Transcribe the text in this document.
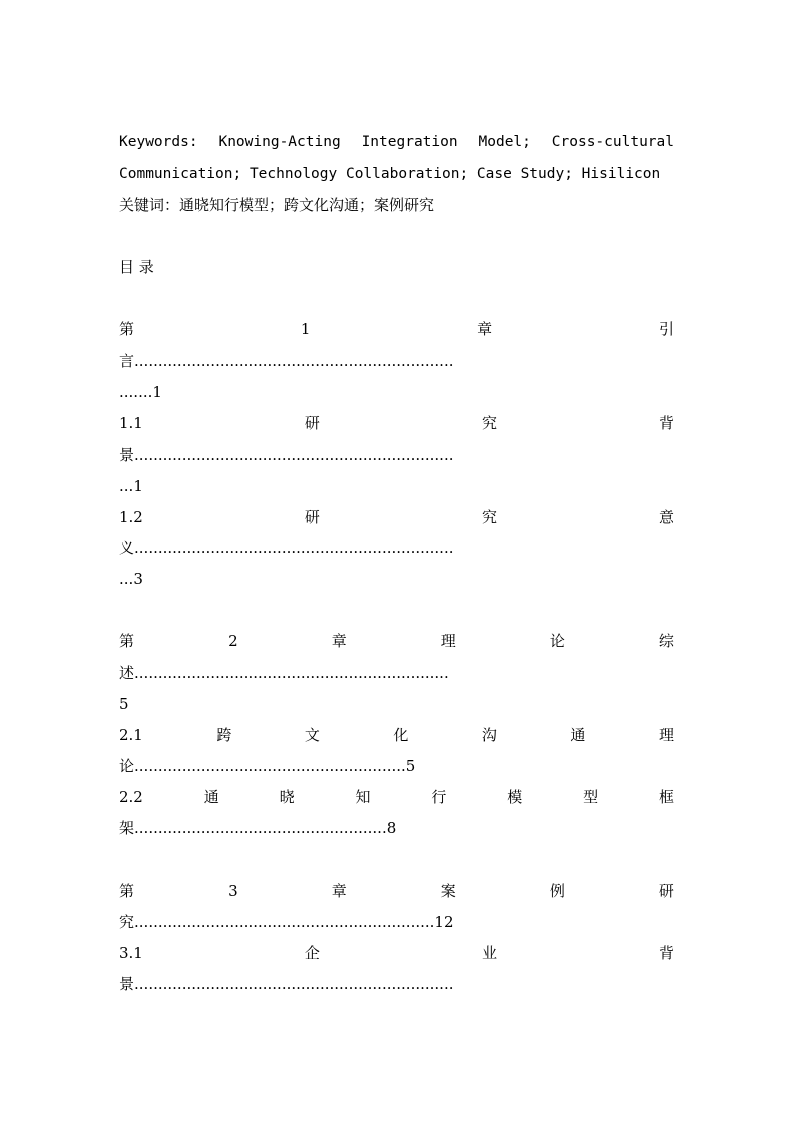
Keywords: Knowing-Acting Integration Model; Cross-cultural
Communication; Technology Collaboration; Case Study; Hisilicon
关键词：通晓知行模型；跨文化沟通；案例研究
目 录
第	1	章	引
言...................................................................
.......1
1.1	研	究	背
景...................................................................
...1
1.2	研	究	意
义...................................................................
...3
第	2	章	理	论	综
述..................................................................
5
2.1	跨	文	化	沟	通	理
论 ......................................................... 5
2.2	通	晓	知	行	模	型	框
架 ..................................................... 8
第	3	章	案	例	研
究 ............................................................... 12
3.1	企	业	背
景...................................................................
